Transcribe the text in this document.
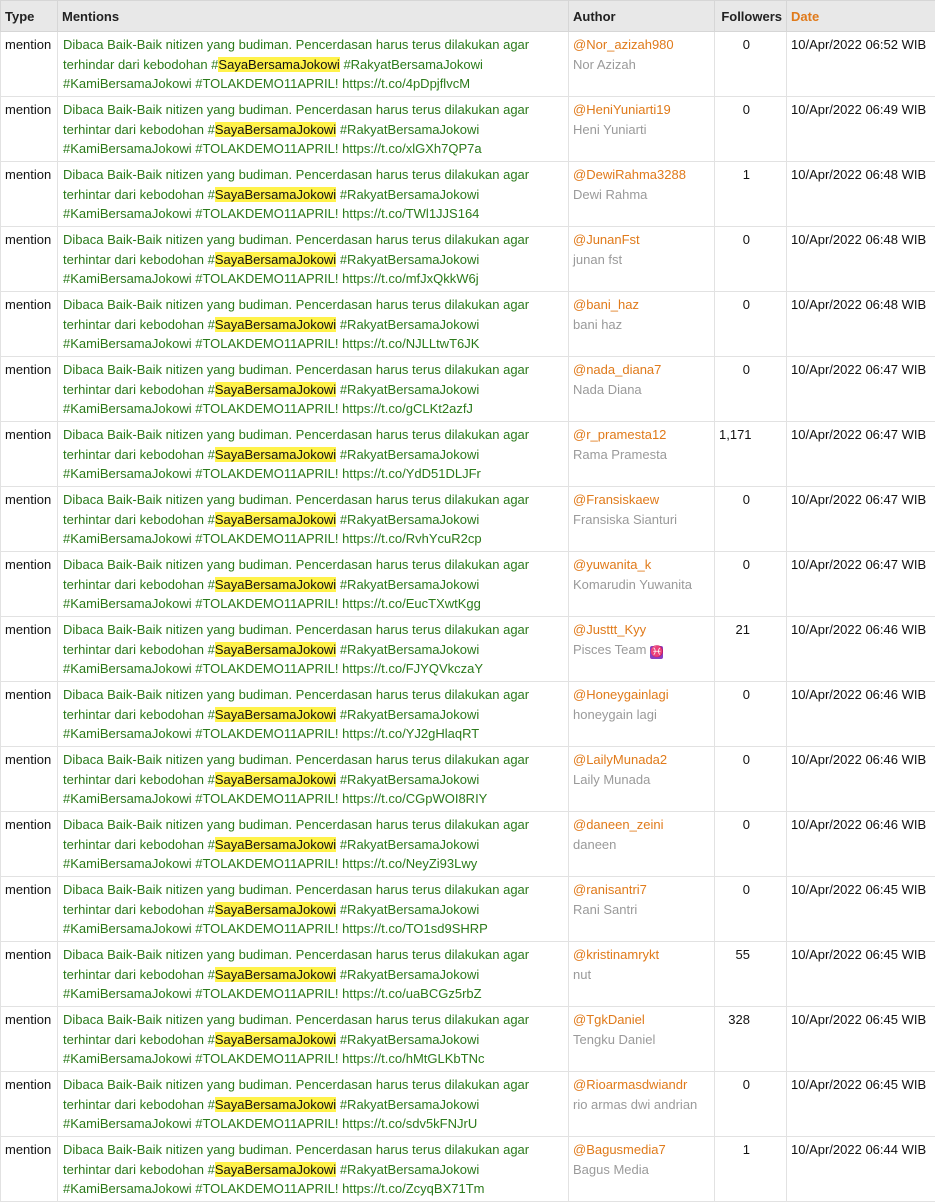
Type	Mentions	Author	Followers	Date

mention	Dibaca Baik-Baik nitizen yang budiman. Pencerdasan harus terus dilakukan agar
terhindar dari kebodohan #SayaBersamaJokowi #RakyatBersamaJokowi
#KamiBersamaJokowi #TOLAKDEMO11APRIL! https://t.co/4pDpjflvcM	@Nor_azizah980
Nor Azizah	0	10/Apr/2022 06:52 WIB

mention	Dibaca Baik-Baik nitizen yang budiman. Pencerdasan harus terus dilakukan agar
terhintar dari kebodohan #SayaBersamaJokowi #RakyatBersamaJokowi
#KamiBersamaJokowi #TOLAKDEMO11APRIL! https://t.co/xlGXh7QP7a	@HeniYuniarti19
Heni Yuniarti	0	10/Apr/2022 06:49 WIB

mention	Dibaca Baik-Baik nitizen yang budiman. Pencerdasan harus terus dilakukan agar
terhintar dari kebodohan #SayaBersamaJokowi #RakyatBersamaJokowi
#KamiBersamaJokowi #TOLAKDEMO11APRIL! https://t.co/TWl1JJS164	@DewiRahma3288
Dewi Rahma	1	10/Apr/2022 06:48 WIB

mention	Dibaca Baik-Baik nitizen yang budiman. Pencerdasan harus terus dilakukan agar
terhintar dari kebodohan #SayaBersamaJokowi #RakyatBersamaJokowi
#KamiBersamaJokowi #TOLAKDEMO11APRIL! https://t.co/mfJxQkkW6j	@JunanFst
junan fst	0	10/Apr/2022 06:48 WIB

mention	Dibaca Baik-Baik nitizen yang budiman. Pencerdasan harus terus dilakukan agar
terhintar dari kebodohan #SayaBersamaJokowi #RakyatBersamaJokowi
#KamiBersamaJokowi #TOLAKDEMO11APRIL! https://t.co/NJLLtwT6JK	@bani_haz
bani haz	0	10/Apr/2022 06:48 WIB

mention	Dibaca Baik-Baik nitizen yang budiman. Pencerdasan harus terus dilakukan agar
terhintar dari kebodohan #SayaBersamaJokowi #RakyatBersamaJokowi
#KamiBersamaJokowi #TOLAKDEMO11APRIL! https://t.co/gCLKt2azfJ	@nada_diana7
Nada Diana	0	10/Apr/2022 06:47 WIB

mention	Dibaca Baik-Baik nitizen yang budiman. Pencerdasan harus terus dilakukan agar
terhintar dari kebodohan #SayaBersamaJokowi #RakyatBersamaJokowi
#KamiBersamaJokowi #TOLAKDEMO11APRIL! https://t.co/YdD51DLJFr	@r_pramesta12
Rama Pramesta	1,171	10/Apr/2022 06:47 WIB

mention	Dibaca Baik-Baik nitizen yang budiman. Pencerdasan harus terus dilakukan agar
terhintar dari kebodohan #SayaBersamaJokowi #RakyatBersamaJokowi
#KamiBersamaJokowi #TOLAKDEMO11APRIL! https://t.co/RvhYcuR2cp	@Fransiskaew
Fransiska Sianturi	0	10/Apr/2022 06:47 WIB

mention	Dibaca Baik-Baik nitizen yang budiman. Pencerdasan harus terus dilakukan agar
terhintar dari kebodohan #SayaBersamaJokowi #RakyatBersamaJokowi
#KamiBersamaJokowi #TOLAKDEMO11APRIL! https://t.co/EucTXwtKgg	@yuwanita_k
Komarudin Yuwanita	0	10/Apr/2022 06:47 WIB

mention	Dibaca Baik-Baik nitizen yang budiman. Pencerdasan harus terus dilakukan agar
terhintar dari kebodohan #SayaBersamaJokowi #RakyatBersamaJokowi
#KamiBersamaJokowi #TOLAKDEMO11APRIL! https://t.co/FJYQVkczaY	@Justtt_Kyy
Pisces Team ♓	21	10/Apr/2022 06:46 WIB

mention	Dibaca Baik-Baik nitizen yang budiman. Pencerdasan harus terus dilakukan agar
terhintar dari kebodohan #SayaBersamaJokowi #RakyatBersamaJokowi
#KamiBersamaJokowi #TOLAKDEMO11APRIL! https://t.co/YJ2gHlaqRT	@Honeygainlagi
honeygain lagi	0	10/Apr/2022 06:46 WIB

mention	Dibaca Baik-Baik nitizen yang budiman. Pencerdasan harus terus dilakukan agar
terhintar dari kebodohan #SayaBersamaJokowi #RakyatBersamaJokowi
#KamiBersamaJokowi #TOLAKDEMO11APRIL! https://t.co/CGpWOI8RIY	@LailyMunada2
Laily Munada	0	10/Apr/2022 06:46 WIB

mention	Dibaca Baik-Baik nitizen yang budiman. Pencerdasan harus terus dilakukan agar
terhintar dari kebodohan #SayaBersamaJokowi #RakyatBersamaJokowi
#KamiBersamaJokowi #TOLAKDEMO11APRIL! https://t.co/NeyZi93Lwy	@daneen_zeini
daneen	0	10/Apr/2022 06:46 WIB

mention	Dibaca Baik-Baik nitizen yang budiman. Pencerdasan harus terus dilakukan agar
terhintar dari kebodohan #SayaBersamaJokowi #RakyatBersamaJokowi
#KamiBersamaJokowi #TOLAKDEMO11APRIL! https://t.co/TO1sd9SHRP	@ranisantri7
Rani Santri	0	10/Apr/2022 06:45 WIB

mention	Dibaca Baik-Baik nitizen yang budiman. Pencerdasan harus terus dilakukan agar
terhintar dari kebodohan #SayaBersamaJokowi #RakyatBersamaJokowi
#KamiBersamaJokowi #TOLAKDEMO11APRIL! https://t.co/uaBCGz5rbZ	@kristinamrykt
nut	55	10/Apr/2022 06:45 WIB

mention	Dibaca Baik-Baik nitizen yang budiman. Pencerdasan harus terus dilakukan agar
terhintar dari kebodohan #SayaBersamaJokowi #RakyatBersamaJokowi
#KamiBersamaJokowi #TOLAKDEMO11APRIL! https://t.co/hMtGLKbTNc	@TgkDaniel
Tengku Daniel	328	10/Apr/2022 06:45 WIB

mention	Dibaca Baik-Baik nitizen yang budiman. Pencerdasan harus terus dilakukan agar
terhintar dari kebodohan #SayaBersamaJokowi #RakyatBersamaJokowi
#KamiBersamaJokowi #TOLAKDEMO11APRIL! https://t.co/sdv5kFNJrU	@Rioarmasdwiandr
rio armas dwi andrian	0	10/Apr/2022 06:45 WIB

mention	Dibaca Baik-Baik nitizen yang budiman. Pencerdasan harus terus dilakukan agar
terhintar dari kebodohan #SayaBersamaJokowi #RakyatBersamaJokowi
#KamiBersamaJokowi #TOLAKDEMO11APRIL! https://t.co/ZcyqBX71Tm	@Bagusmedia7
Bagus Media	1	10/Apr/2022 06:44 WIB
